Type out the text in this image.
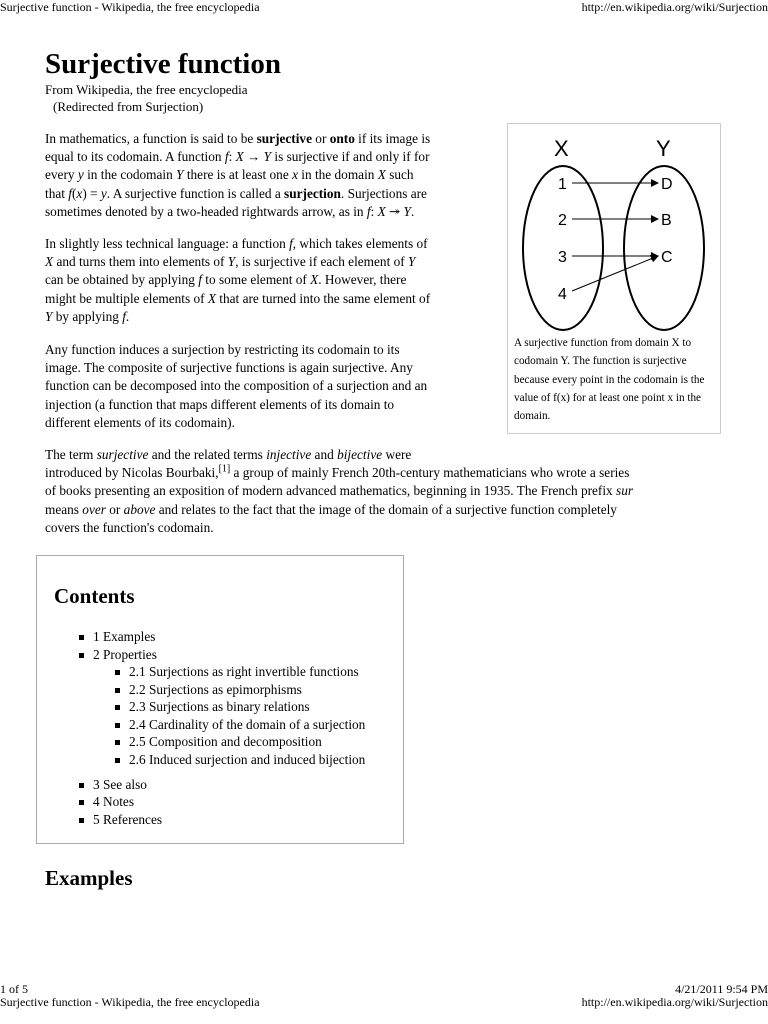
Surjective function - Wikipedia, the free encyclopedia	http://en.wikipedia.org/wiki/Surjection
Surjective function
From Wikipedia, the free encyclopedia
(Redirected from Surjection)

In mathematics, a function is said to be surjective or onto if its image is
equal to its codomain. A function f: X → Y is surjective if and only if for
every y in the codomain Y there is at least one x in the domain X such
that f(x) = y. A surjective function is called a surjection. Surjections are
sometimes denoted by a two-headed rightwards arrow, as in f: X ↠ Y.

In slightly less technical language: a function f, which takes elements of
X and turns them into elements of Y, is surjective if each element of Y
can be obtained by applying f to some element of X. However, there
might be multiple elements of X that are turned into the same element of
Y by applying f.

Any function induces a surjection by restricting its codomain to its
image. The composite of surjective functions is again surjective. Any
function can be decomposed into the composition of a surjection and an
injection (a function that maps different elements of its domain to
different elements of its codomain).

X	Y
1
2
3
4
D
B
C
A surjective function from domain X to codomain Y. The function is surjective because every point in the codomain is the value of f(x) for at least one point x in the domain.

The term surjective and the related terms injective and bijective were
introduced by Nicolas Bourbaki,[1] a group of mainly French 20th-century mathematicians who wrote a series
of books presenting an exposition of modern advanced mathematics, beginning in 1935. The French prefix sur
means over or above and relates to the fact that the image of the domain of a surjective function completely
covers the function's codomain.

Contents
1 Examples
2 Properties
2.1 Surjections as right invertible functions
2.2 Surjections as epimorphisms
2.3 Surjections as binary relations
2.4 Cardinality of the domain of a surjection
2.5 Composition and decomposition
2.6 Induced surjection and induced bijection
3 See also
4 Notes
5 References
Examples
1 of 5	4/21/2011 9:54 PM
Surjective function - Wikipedia, the free encyclopedia	http://en.wikipedia.org/wiki/Surjection
